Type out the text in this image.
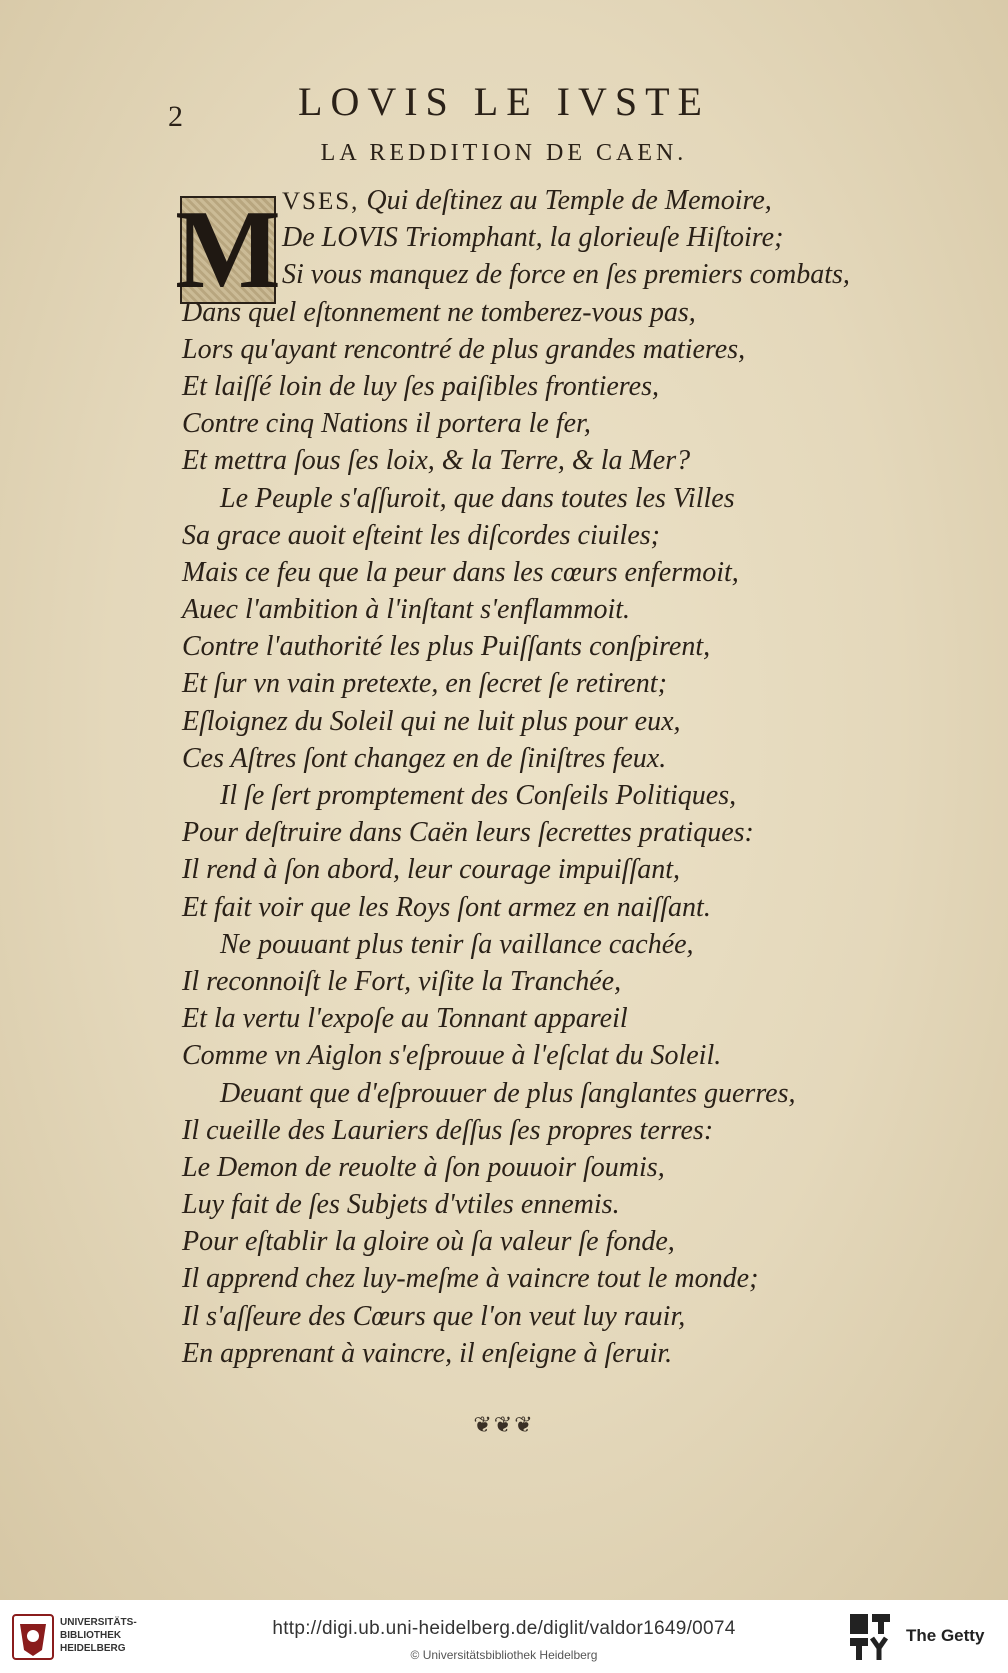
2	LOVIS LE IVSTE
LA REDDITION DE CAEN.
M VSES, Qui deſtinez au Temple de Memoire,
De LOVIS Triomphant, la glorieuſe Hiſtoire;
Si vous manquez de force en ſes premiers combats,
Dans quel eſtonnement ne tomberez-vous pas,
Lors qu'ayant rencontré de plus grandes matieres,
Et laiſſé loin de luy ſes paiſibles frontieres,
Contre cinq Nations il portera le fer,
Et mettra ſous ſes loix, & la Terre, & la Mer?
Le Peuple s'aſſuroit, que dans toutes les Villes
Sa grace auoit eſteint les diſcordes ciuiles;
Mais ce feu que la peur dans les cœurs enfermoit,
Auec l'ambition à l'inſtant s'enflammoit.
Contre l'authorité les plus Puiſſants conſpirent,
Et ſur vn vain pretexte, en ſecret ſe retirent;
Eſloignez du Soleil qui ne luit plus pour eux,
Ces Aſtres ſont changez en de ſiniſtres feux.
Il ſe ſert promptement des Conſeils Politiques,
Pour deſtruire dans Caën leurs ſecrettes pratiques:
Il rend à ſon abord, leur courage impuiſſant,
Et fait voir que les Roys ſont armez en naiſſant.
Ne pouuant plus tenir ſa vaillance cachée,
Il reconnoiſt le Fort, viſite la Tranchée,
Et la vertu l'expoſe au Tonnant appareil
Comme vn Aiglon s'eſprouue à l'eſclat du Soleil.
Deuant que d'eſprouuer de plus ſanglantes guerres,
Il cueille des Lauriers deſſus ſes propres terres:
Le Demon de reuolte à ſon pouuoir ſoumis,
Luy fait de ſes Subjets d'vtiles ennemis.
Pour eſtablir la gloire où ſa valeur ſe fonde,
Il apprend chez luy-meſme à vaincre tout le monde;
Il s'aſſeure des Cœurs que l'on veut luy rauir,
En apprenant à vaincre, il enſeigne à ſeruir.
❦❦❦
UNIVERSITÄTS-
BIBLIOTHEK
HEIDELBERG
http://digi.ub.uni-heidelberg.de/diglit/valdor1649/0074
© Universitätsbibliothek Heidelberg
The Getty
